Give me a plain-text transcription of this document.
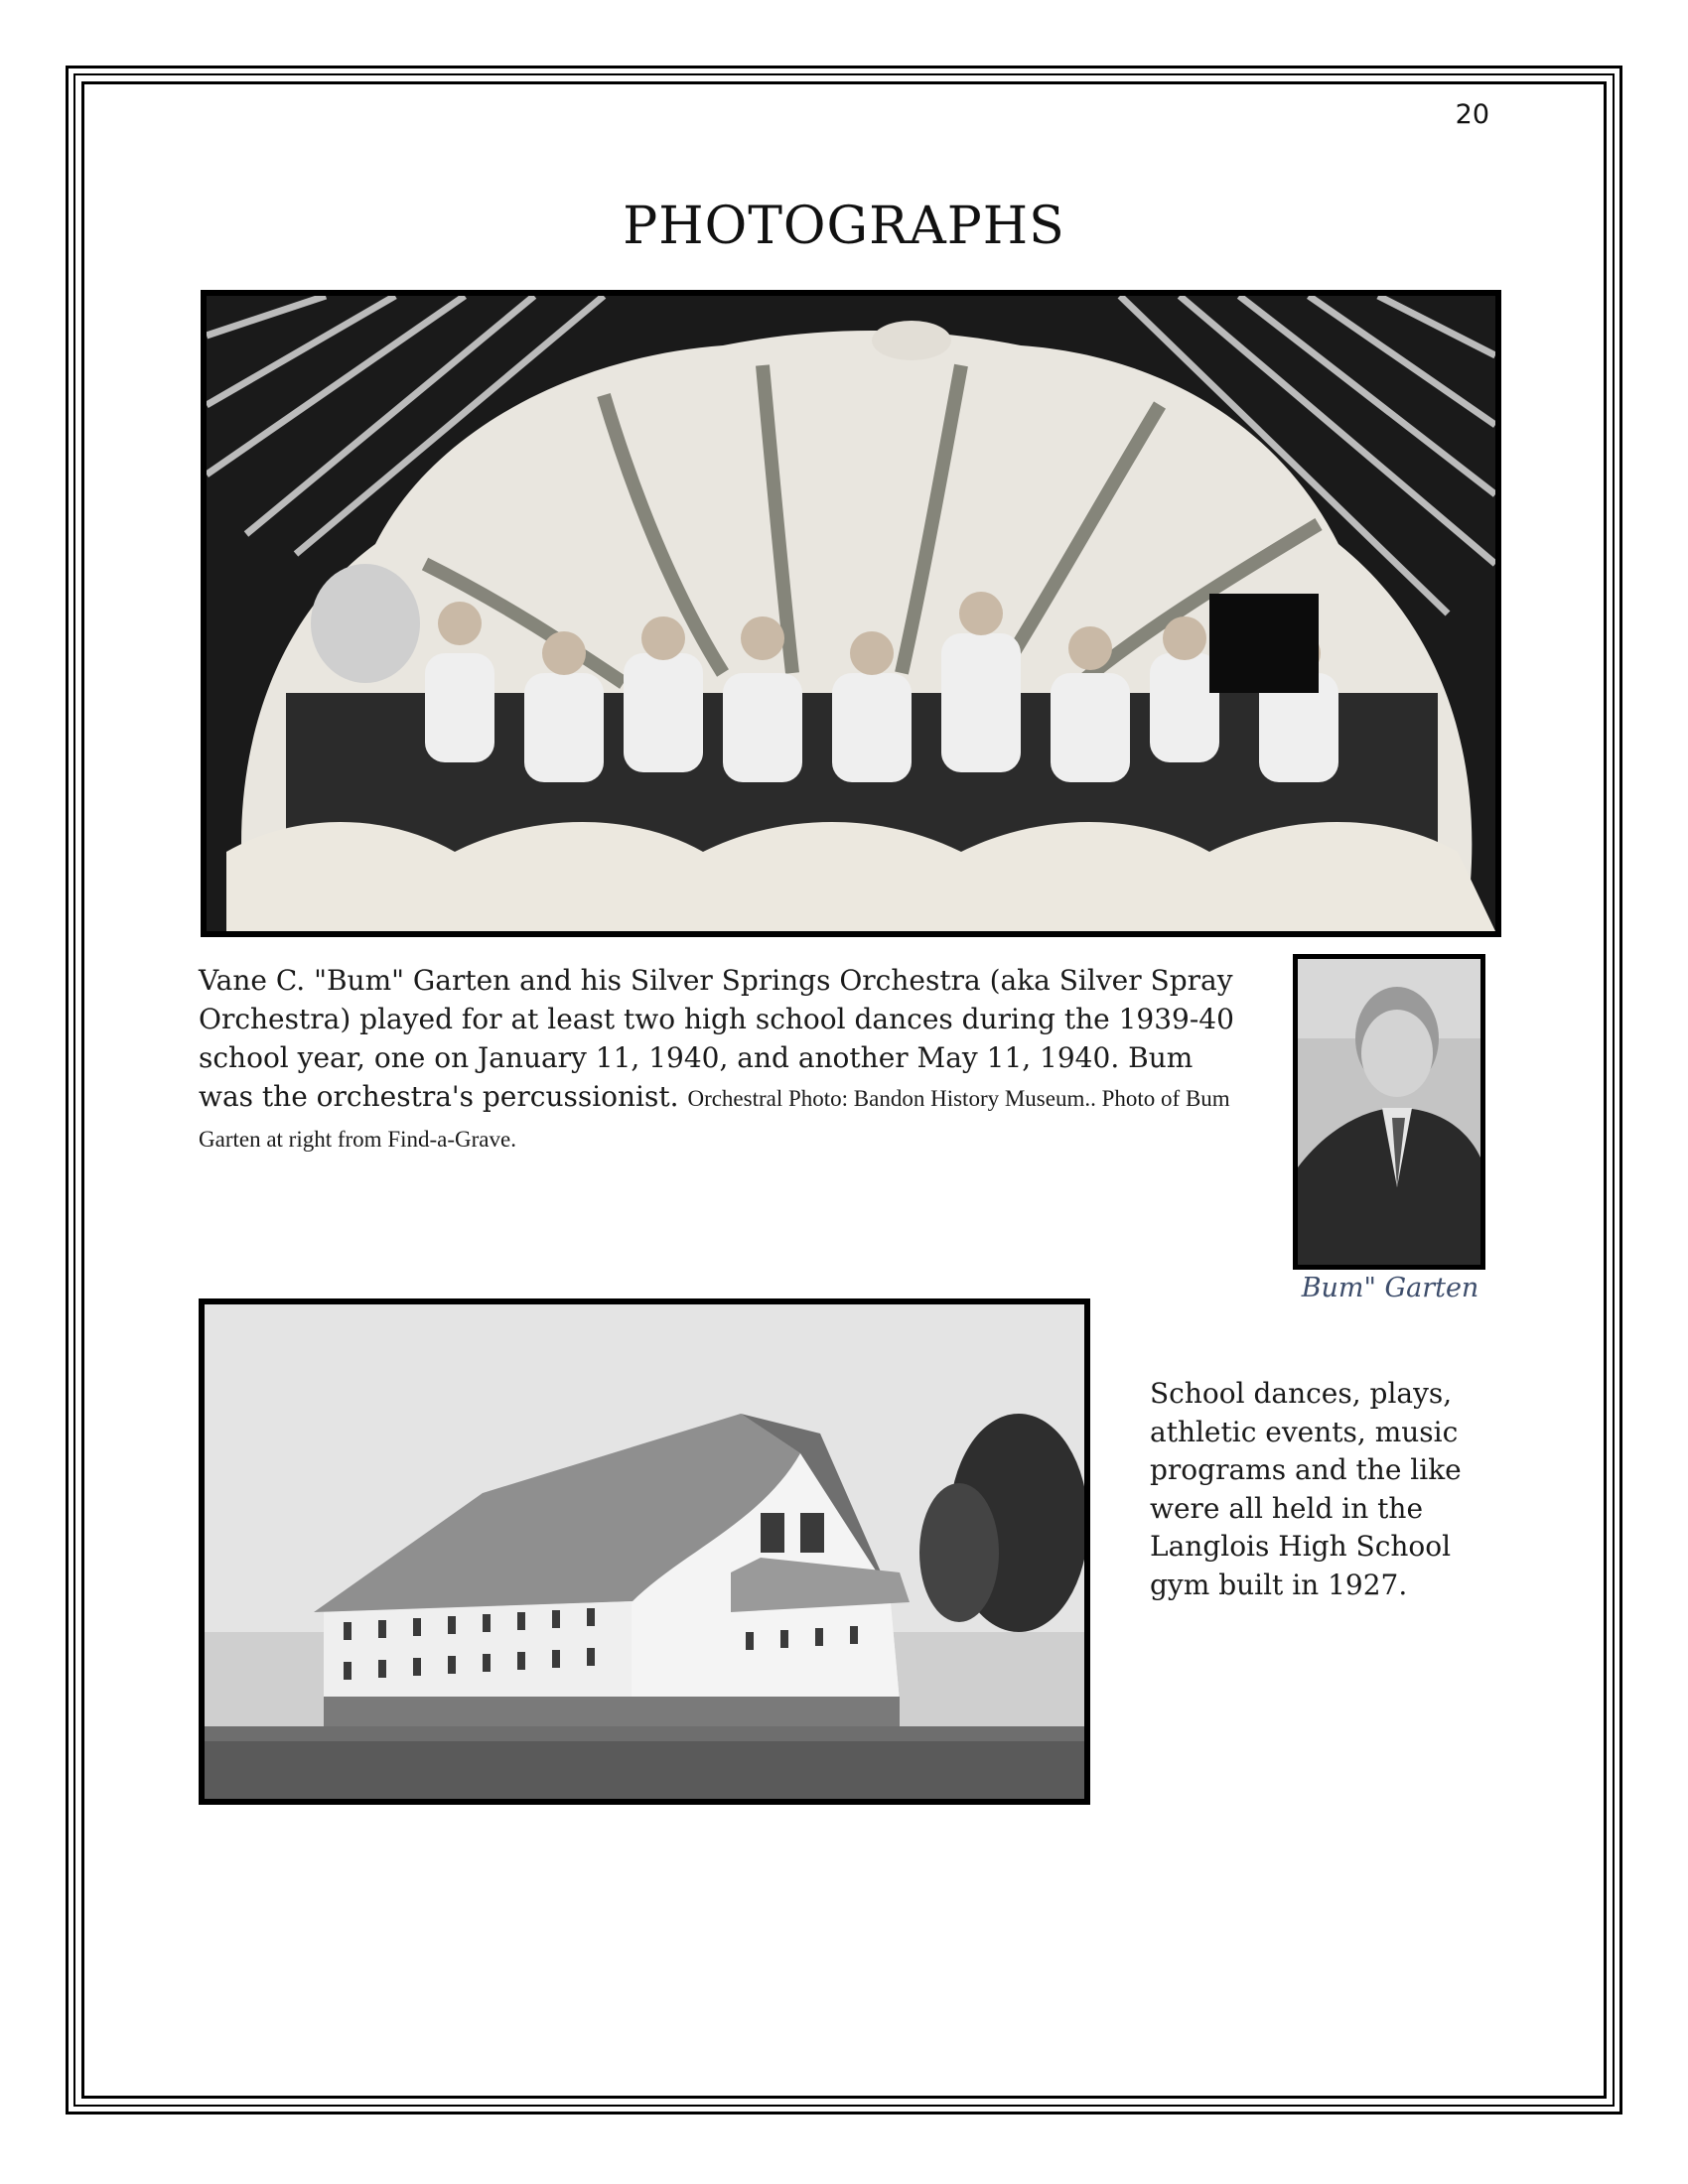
20
PHOTOGRAPHS
Vane C. "Bum" Garten and his Silver Springs Orchestra (aka Silver Spray Orchestra) played for at least two high school dances during the 1939-40 school year, one on January 11, 1940, and another May 11, 1940. Bum was the orchestra's percussionist. Orchestral Photo: Bandon History Museum.. Photo of Bum Garten at right from Find-a-Grave.
Bum" Garten
School dances, plays, athletic events, music programs and the like were all held in the Langlois High School gym built in 1927.
